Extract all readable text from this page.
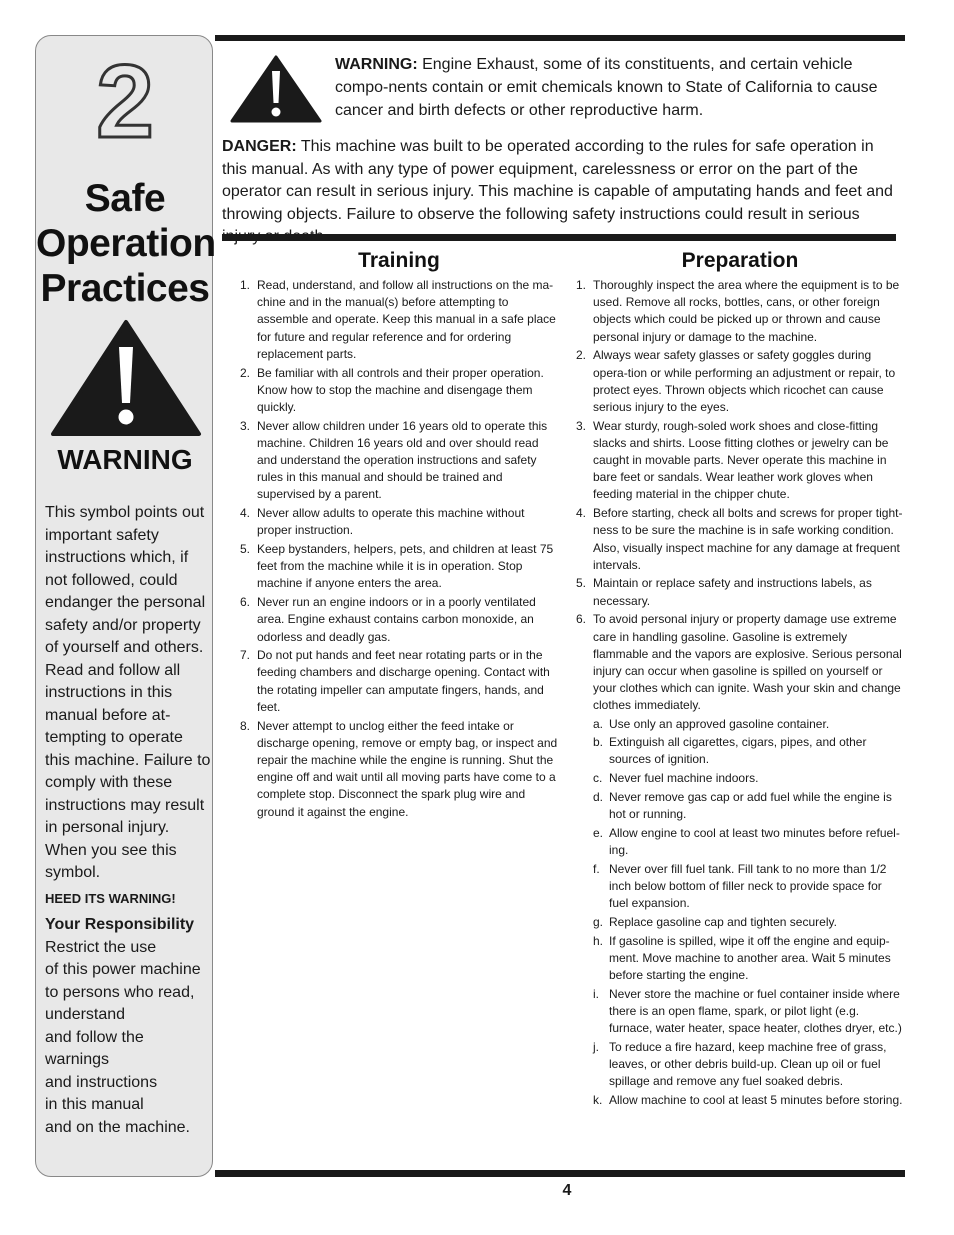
2
Safe
Operation
Practices
WARNING

This symbol points out important safety instructions which, if not followed, could endanger the personal safety and/or property of yourself and others. Read and follow all instructions in this manual before at-tempting to operate this machine. Failure to comply with these instructions may result in personal injury. When you see this symbol.

HEED ITS WARNING!
Your Responsibility
Restrict the use
of this power machine
to persons who read,
understand
and follow the warnings
and instructions
in this manual
and on the machine.
WARNING: Engine Exhaust, some of its constituents, and certain vehicle compo-nents contain or emit chemicals known to State of California to cause cancer and birth defects or other reproductive harm.
DANGER: This machine was built to be operated according to the rules for safe operation in this manual. As with any type of power equipment, carelessness or error on the part of the operator can result in serious injury. This machine is capable of amputating hands and feet and throwing objects. Failure to observe the following safety instructions could result in serious injury or death.
Training
1. Read, understand, and follow all instructions on the ma-chine and in the manual(s) before attempting to assemble and operate. Keep this manual in a safe place for future and regular reference and for ordering replacement parts.
2. Be familiar with all controls and their proper operation. Know how to stop the machine and disengage them quickly.
3. Never allow children under 16 years old to operate this machine. Children 16 years old and over should read and understand the operation instructions and safety rules in this manual and should be trained and supervised by a parent.
4. Never allow adults to operate this machine without proper instruction.
5. Keep bystanders, helpers, pets, and children at least 75 feet from the machine while it is in operation. Stop machine if anyone enters the area.
6. Never run an engine indoors or in a poorly ventilated area. Engine exhaust contains carbon monoxide, an odorless and deadly gas.
7. Do not put hands and feet near rotating parts or in the feeding chambers and discharge opening. Contact with the rotating impeller can amputate fingers, hands, and feet.
8. Never attempt to unclog either the feed intake or discharge opening, remove or empty bag, or inspect and repair the machine while the engine is running. Shut the engine off and wait until all moving parts have come to a complete stop. Disconnect the spark plug wire and ground it against the engine.
Preparation
1. Thoroughly inspect the area where the equipment is to be used. Remove all rocks, bottles, cans, or other foreign objects which could be picked up or thrown and cause personal injury or damage to the machine.
2. Always wear safety glasses or safety goggles during opera-tion or while performing an adjustment or repair, to protect eyes. Thrown objects which ricochet can cause serious injury to the eyes.
3. Wear sturdy, rough-soled work shoes and close-fitting slacks and shirts. Loose fitting clothes or jewelry can be caught in movable parts. Never operate this machine in bare feet or sandals. Wear leather work gloves when feeding material in the chipper chute.
4. Before starting, check all bolts and screws for proper tight-ness to be sure the machine is in safe working condition. Also, visually inspect machine for any damage at frequent intervals.
5. Maintain or replace safety and instructions labels, as necessary.
6. To avoid personal injury or property damage use extreme care in handling gasoline. Gasoline is extremely flammable and the vapors are explosive. Serious personal injury can occur when gasoline is spilled on yourself or your clothes which can ignite. Wash your skin and change clothes immediately.
a. Use only an approved gasoline container.
b. Extinguish all cigarettes, cigars, pipes, and other sources of ignition.
c. Never fuel machine indoors.
d. Never remove gas cap or add fuel while the engine is hot or running.
e. Allow engine to cool at least two minutes before refuel-ing.
f. Never over fill fuel tank. Fill tank to no more than 1/2 inch below bottom of filler neck to provide space for fuel expansion.
g. Replace gasoline cap and tighten securely.
h. If gasoline is spilled, wipe it off the engine and equip-ment. Move machine to another area. Wait 5 minutes before starting the engine.
i. Never store the machine or fuel container inside where there is an open flame, spark, or pilot light (e.g. furnace, water heater, space heater, clothes dryer, etc.)
j. To reduce a fire hazard, keep machine free of grass, leaves, or other debris build-up. Clean up oil or fuel spillage and remove any fuel soaked debris.
k. Allow machine to cool at least 5 minutes before storing.
4
